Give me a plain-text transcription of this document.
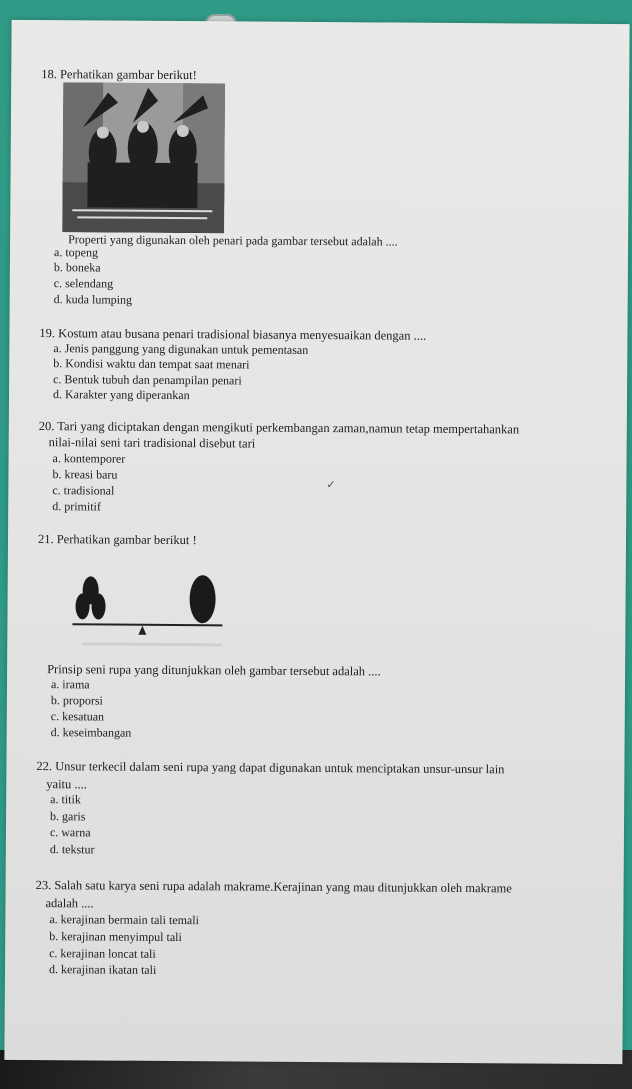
18. Perhatikan gambar berikut!
Properti yang digunakan oleh penari pada gambar tersebut adalah ....
a. topeng
b. boneka
c. selendang
d. kuda lumping
19. Kostum atau busana penari tradisional biasanya menyesuaikan dengan ....
a. Jenis panggung yang digunakan untuk pementasan
b. Kondisi waktu dan tempat saat menari
c. Bentuk tubuh dan penampilan penari
d. Karakter yang diperankan
20. Tari yang diciptakan dengan mengikuti perkembangan zaman,namun tetap mempertahankan
nilai-nilai seni tari tradisional disebut tari
a. kontemporer
b. kreasi baru
c. tradisional
d. primitif
✓
21. Perhatikan gambar berikut !
Prinsip seni rupa yang ditunjukkan oleh gambar tersebut adalah ....
a. irama
b. proporsi
c. kesatuan
d. keseimbangan
22. Unsur terkecil dalam seni rupa yang dapat digunakan untuk menciptakan unsur-unsur lain
yaitu ....
a. titik
b. garis
c. warna
d. tekstur
23. Salah satu karya seni rupa adalah makrame.Kerajinan yang mau ditunjukkan oleh makrame
adalah ....
a. kerajinan bermain tali temali
b. kerajinan menyimpul tali
c. kerajinan loncat tali
d. kerajinan ikatan tali
